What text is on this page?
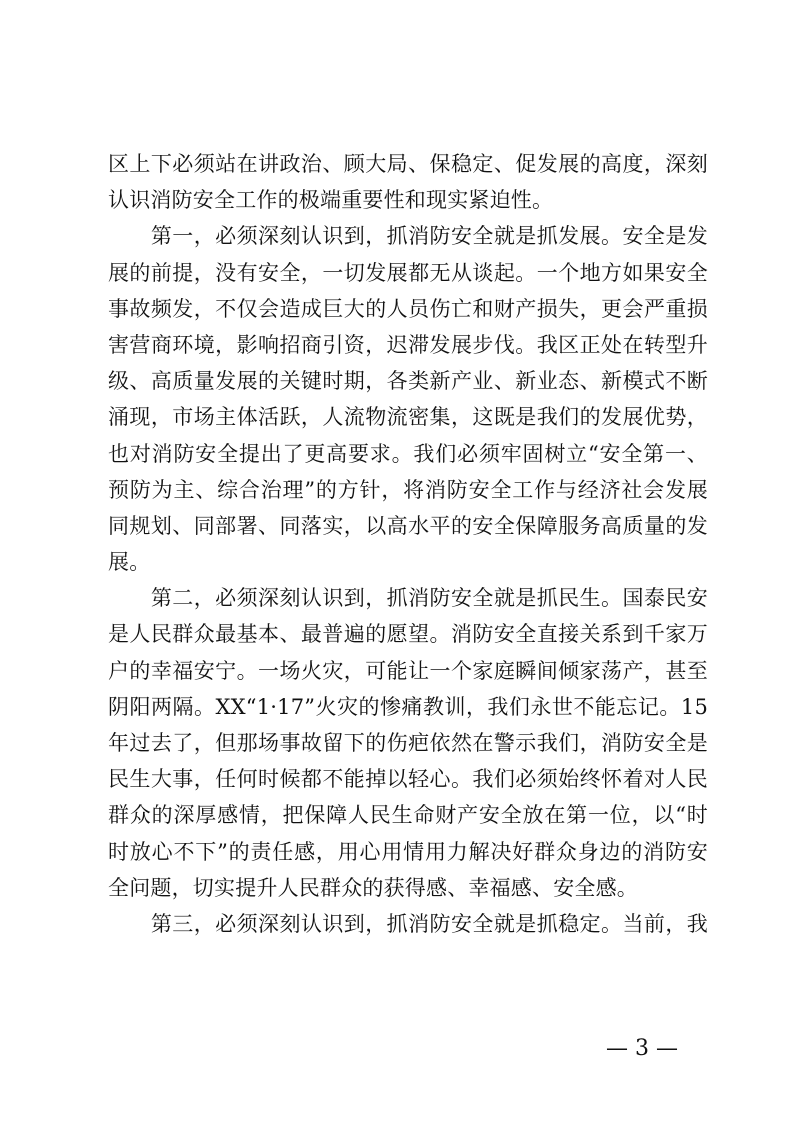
区上下必须站在讲政治、顾大局、保稳定、促发展的高度，深刻
认识消防安全工作的极端重要性和现实紧迫性。
　　第一，必须深刻认识到，抓消防安全就是抓发展。安全是发
展的前提，没有安全，一切发展都无从谈起。一个地方如果安全
事故频发，不仅会造成巨大的人员伤亡和财产损失，更会严重损
害营商环境，影响招商引资，迟滞发展步伐。我区正处在转型升
级、高质量发展的关键时期，各类新产业、新业态、新模式不断
涌现，市场主体活跃，人流物流密集，这既是我们的发展优势，
也对消防安全提出了更高要求。我们必须牢固树立“安全第一、
预防为主、综合治理”的方针，将消防安全工作与经济社会发展
同规划、同部署、同落实，以高水平的安全保障服务高质量的发
展。
　　第二，必须深刻认识到，抓消防安全就是抓民生。国泰民安
是人民群众最基本、最普遍的愿望。消防安全直接关系到千家万
户的幸福安宁。一场火灾，可能让一个家庭瞬间倾家荡产，甚至
阴阳两隔。XX“1·17”火灾的惨痛教训，我们永世不能忘记。15
年过去了，但那场事故留下的伤疤依然在警示我们，消防安全是
民生大事，任何时候都不能掉以轻心。我们必须始终怀着对人民
群众的深厚感情，把保障人民生命财产安全放在第一位，以“时
时放心不下”的责任感，用心用情用力解决好群众身边的消防安
全问题，切实提升人民群众的获得感、幸福感、安全感。
　　第三，必须深刻认识到，抓消防安全就是抓稳定。当前，我
— 3 —
